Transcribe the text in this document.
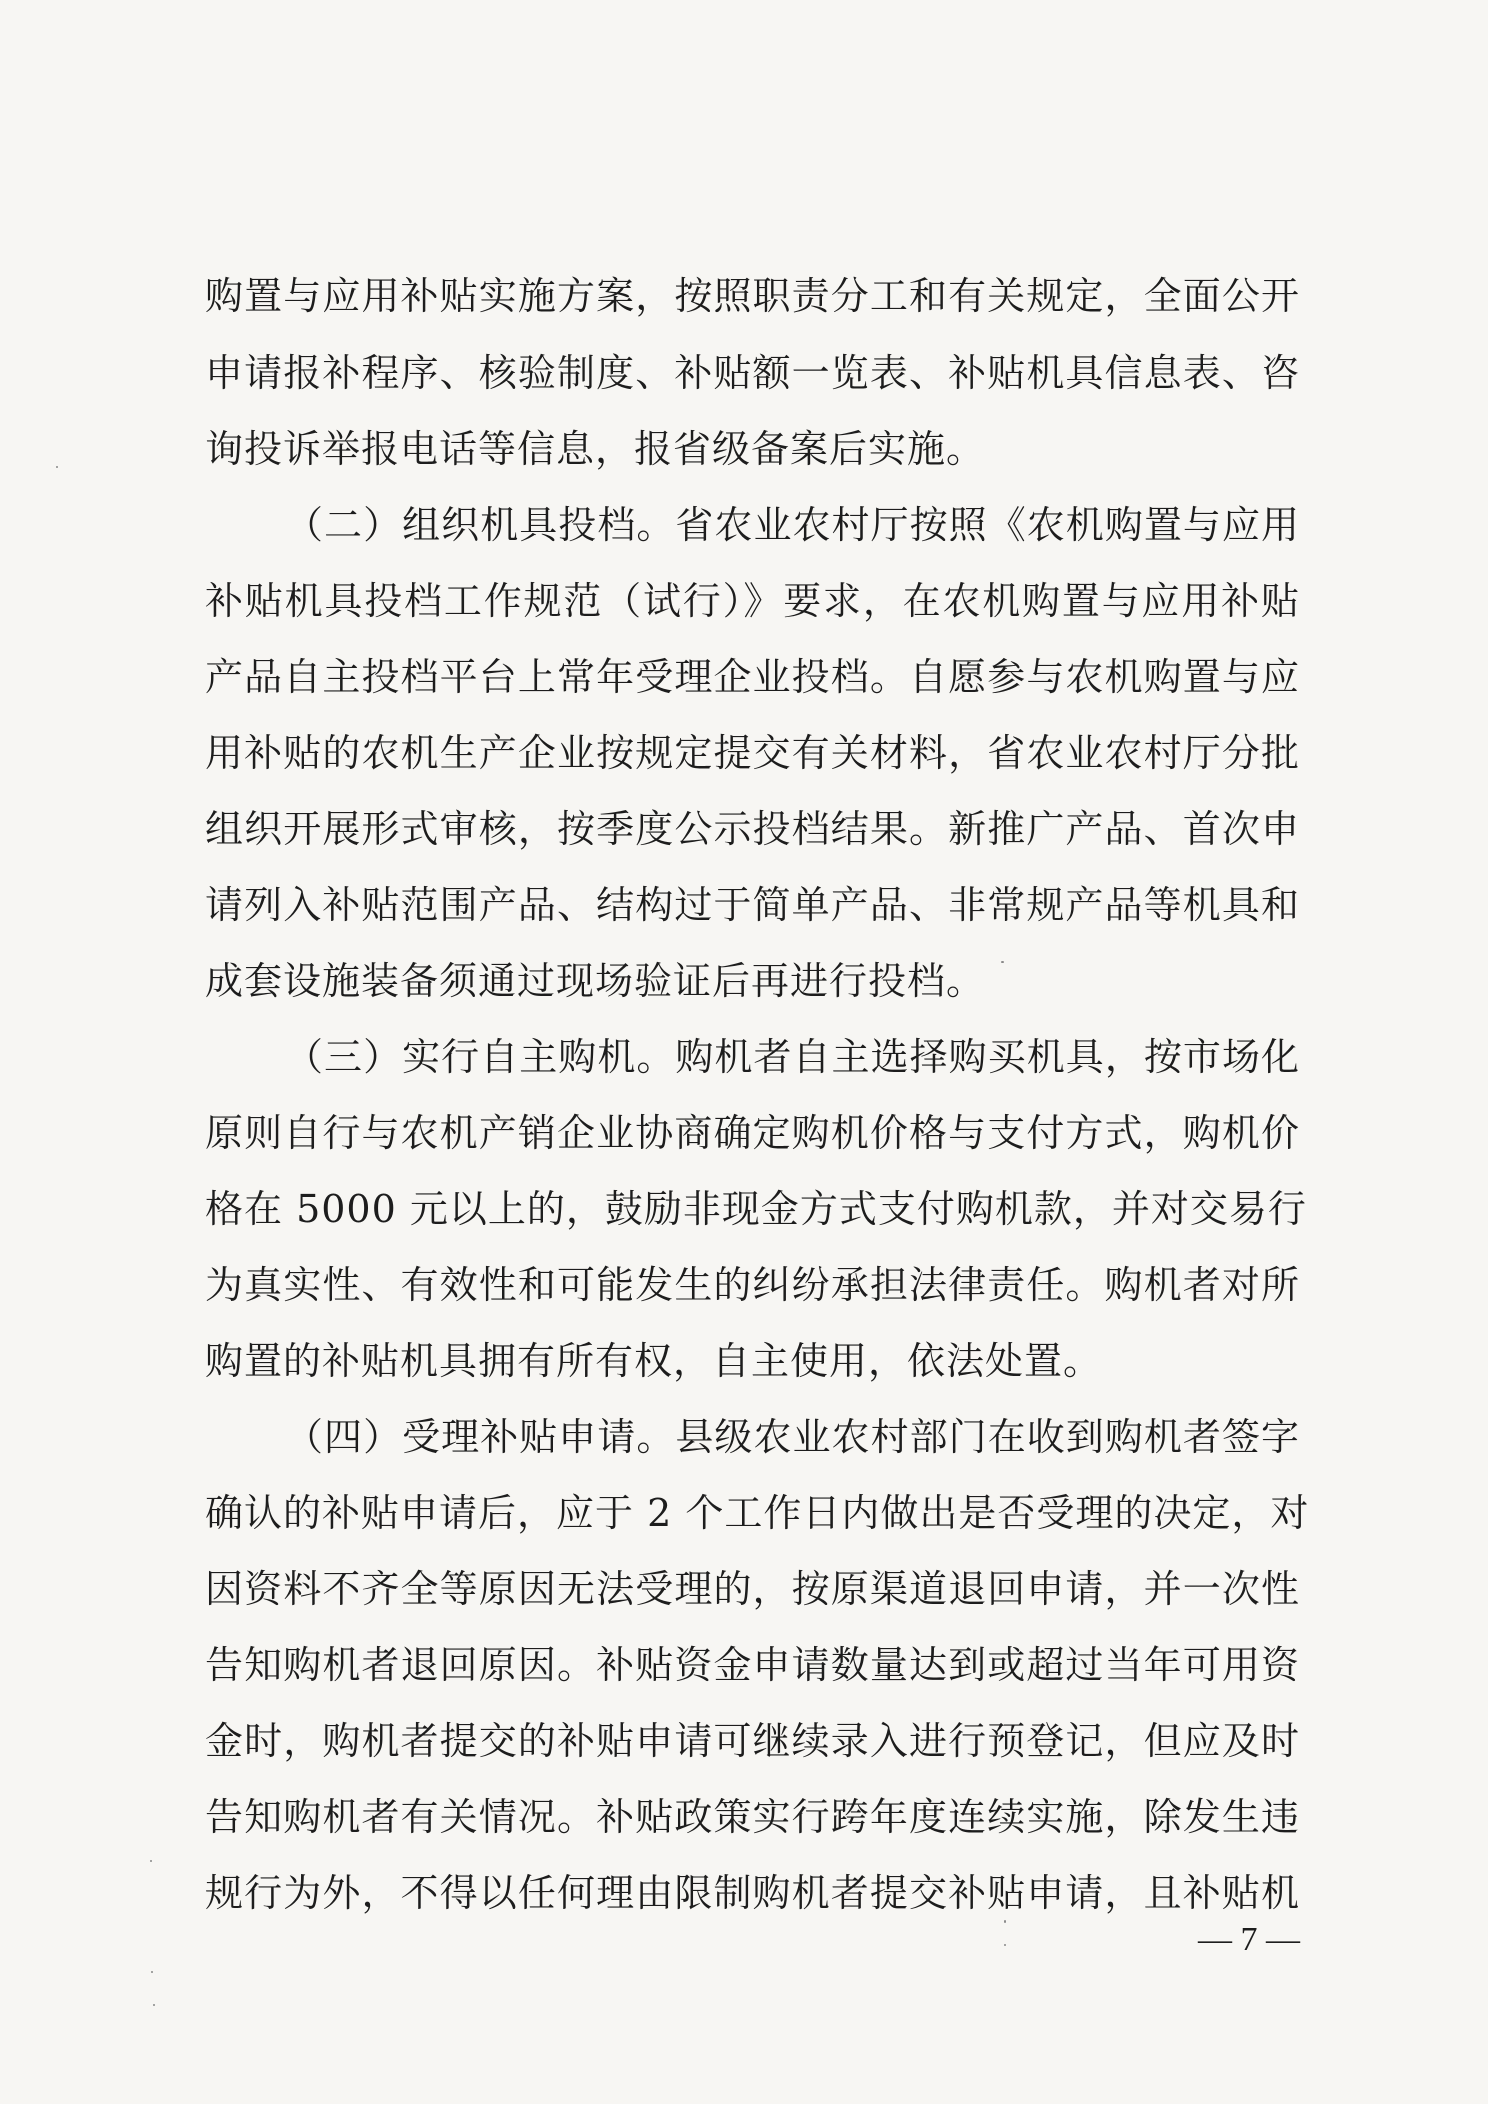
购置与应用补贴实施方案，按照职责分工和有关规定，全面公开
申请报补程序、核验制度、补贴额一览表、补贴机具信息表、咨
询投诉举报电话等信息，报省级备案后实施。
（二）组织机具投档。省农业农村厅按照《农机购置与应用
补贴机具投档工作规范（试行）》要求，在农机购置与应用补贴
产品自主投档平台上常年受理企业投档。自愿参与农机购置与应
用补贴的农机生产企业按规定提交有关材料，省农业农村厅分批
组织开展形式审核，按季度公示投档结果。新推广产品、首次申
请列入补贴范围产品、结构过于简单产品、非常规产品等机具和
成套设施装备须通过现场验证后再进行投档。
（三）实行自主购机。购机者自主选择购买机具，按市场化
原则自行与农机产销企业协商确定购机价格与支付方式，购机价
格在 5000 元以上的，鼓励非现金方式支付购机款，并对交易行
为真实性、有效性和可能发生的纠纷承担法律责任。购机者对所
购置的补贴机具拥有所有权，自主使用，依法处置。
（四）受理补贴申请。县级农业农村部门在收到购机者签字
确认的补贴申请后，应于 2 个工作日内做出是否受理的决定，对
因资料不齐全等原因无法受理的，按原渠道退回申请，并一次性
告知购机者退回原因。补贴资金申请数量达到或超过当年可用资
金时，购机者提交的补贴申请可继续录入进行预登记，但应及时
告知购机者有关情况。补贴政策实行跨年度连续实施，除发生违
规行为外，不得以任何理由限制购机者提交补贴申请，且补贴机
— 7 —
